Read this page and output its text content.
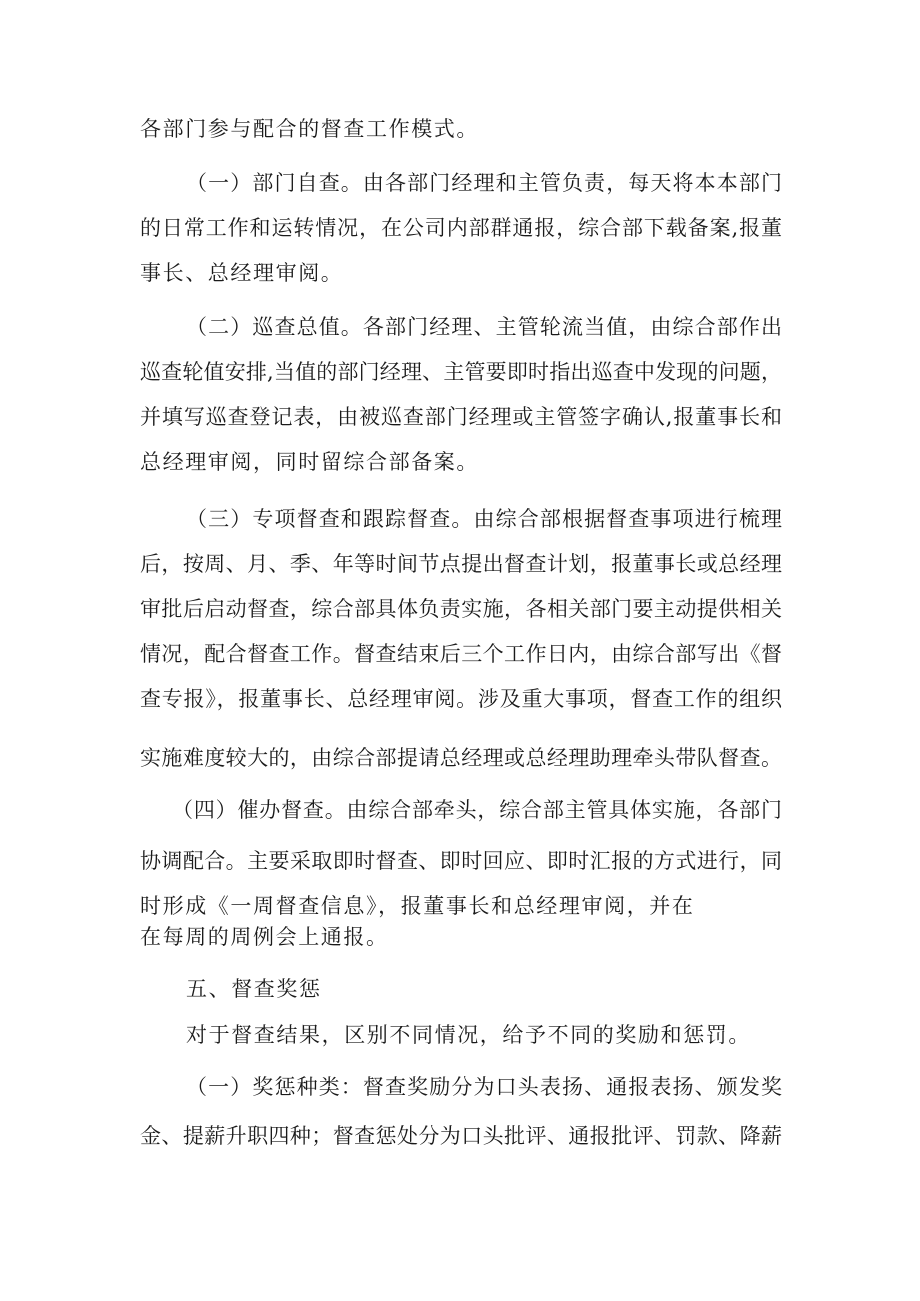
各部门参与配合的督查工作模式。
（一）部门自查。由各部门经理和主管负责，每天将本本部门
的日常工作和运转情况，在公司内部群通报，综合部下载备案,报董
事长、总经理审阅。
（二）巡查总值。各部门经理、主管轮流当值，由综合部作出
巡查轮值安排,当值的部门经理、主管要即时指出巡查中发现的问题，
并填写巡查登记表，由被巡查部门经理或主管签字确认,报董事长和
总经理审阅，同时留综合部备案。
（三）专项督查和跟踪督查。由综合部根据督查事项进行梳理
后，按周、月、季、年等时间节点提出督查计划，报董事长或总经理
审批后启动督查，综合部具体负责实施，各相关部门要主动提供相关
情况，配合督查工作。督查结束后三个工作日内，由综合部写出《督
查专报》，报董事长、总经理审阅。涉及重大事项，督查工作的组织
实施难度较大的，由综合部提请总经理或总经理助理牵头带队督查。
（四）催办督查。由综合部牵头，综合部主管具体实施，各部门
协调配合。主要采取即时督查、即时回应、即时汇报的方式进行，同
时形成《一周督查信息》，报董事长和总经理审阅，并在
在每周的周例会上通报。
五、督查奖惩
对于督查结果，区别不同情况，给予不同的奖励和惩罚。
（一）奖惩种类：督查奖励分为口头表扬、通报表扬、颁发奖
金、提薪升职四种；督查惩处分为口头批评、通报批评、罚款、降薪
